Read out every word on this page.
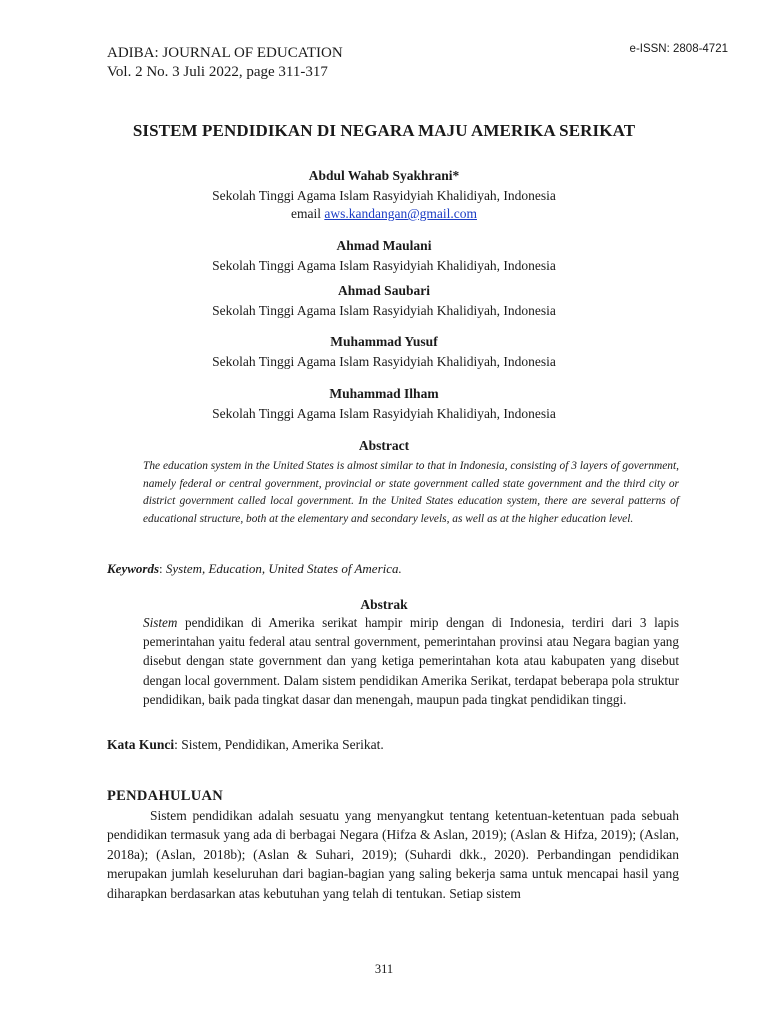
ADIBA: JOURNAL OF EDUCATION
Vol. 2 No. 3 Juli 2022, page 311-317
e-ISSN: 2808-4721
SISTEM PENDIDIKAN DI NEGARA MAJU AMERIKA SERIKAT
Abdul Wahab Syakhrani*
Sekolah Tinggi Agama Islam Rasyidyiah Khalidiyah, Indonesia
email aws.kandangan@gmail.com
Ahmad Maulani
Sekolah Tinggi Agama Islam Rasyidyiah Khalidiyah, Indonesia
Ahmad Saubari
Sekolah Tinggi Agama Islam Rasyidyiah Khalidiyah, Indonesia
Muhammad Yusuf
Sekolah Tinggi Agama Islam Rasyidyiah Khalidiyah, Indonesia
Muhammad Ilham
Sekolah Tinggi Agama Islam Rasyidyiah Khalidiyah, Indonesia
Abstract
The education system in the United States is almost similar to that in Indonesia, consisting of 3 layers of government, namely federal or central government, provincial or state government called state government and the third city or district government called local government. In the United States education system, there are several patterns of educational structure, both at the elementary and secondary levels, as well as at the higher education level.
Keywords: System, Education, United States of America.
Abstrak
Sistem pendidikan di Amerika serikat hampir mirip dengan di Indonesia, terdiri dari 3 lapis pemerintahan yaitu federal atau sentral government, pemerintahan provinsi atau Negara bagian yang disebut dengan state government dan yang ketiga pemerintahan kota atau kabupaten yang disebut dengan local government. Dalam sistem pendidikan Amerika Serikat, terdapat beberapa pola struktur pendidikan, baik pada tingkat dasar dan menengah, maupun pada tingkat pendidikan tinggi.
Kata Kunci: Sistem, Pendidikan, Amerika Serikat.
PENDAHULUAN
Sistem pendidikan adalah sesuatu yang menyangkut tentang ketentuan-ketentuan pada sebuah pendidikan termasuk yang ada di berbagai Negara (Hifza & Aslan, 2019); (Aslan & Hifza, 2019); (Aslan, 2018a); (Aslan, 2018b); (Aslan & Suhari, 2019); (Suhardi dkk., 2020). Perbandingan pendidikan merupakan jumlah keseluruhan dari bagian-bagian yang saling bekerja sama untuk mencapai hasil yang diharapkan berdasarkan atas kebutuhan yang telah di tentukan. Setiap sistem
311
